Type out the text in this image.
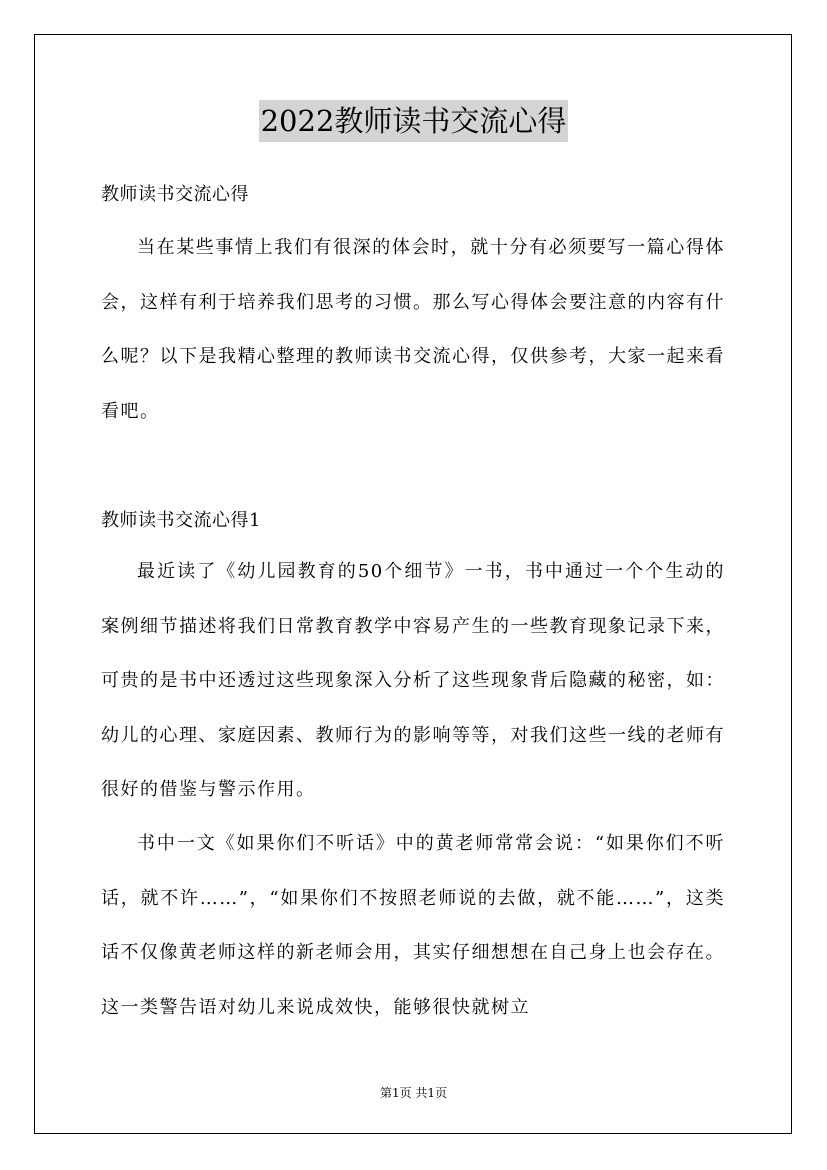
2022教师读书交流心得
教师读书交流心得
当在某些事情上我们有很深的体会时，就十分有必须要写一篇心得体会，这样有利于培养我们思考的习惯。那么写心得体会要注意的内容有什么呢？以下是我精心整理的教师读书交流心得，仅供参考，大家一起来看看吧。
教师读书交流心得1
最近读了《幼儿园教育的50个细节》一书，书中通过一个个生动的案例细节描述将我们日常教育教学中容易产生的一些教育现象记录下来，可贵的是书中还透过这些现象深入分析了这些现象背后隐藏的秘密，如：幼儿的心理、家庭因素、教师行为的影响等等，对我们这些一线的老师有很好的借鉴与警示作用。
书中一文《如果你们不听话》中的黄老师常常会说：“如果你们不听话，就不许……”，“如果你们不按照老师说的去做，就不能……”，这类话不仅像黄老师这样的新老师会用，其实仔细想想在自己身上也会存在。这一类警告语对幼儿来说成效快，能够很快就树立
第1页 共1页
